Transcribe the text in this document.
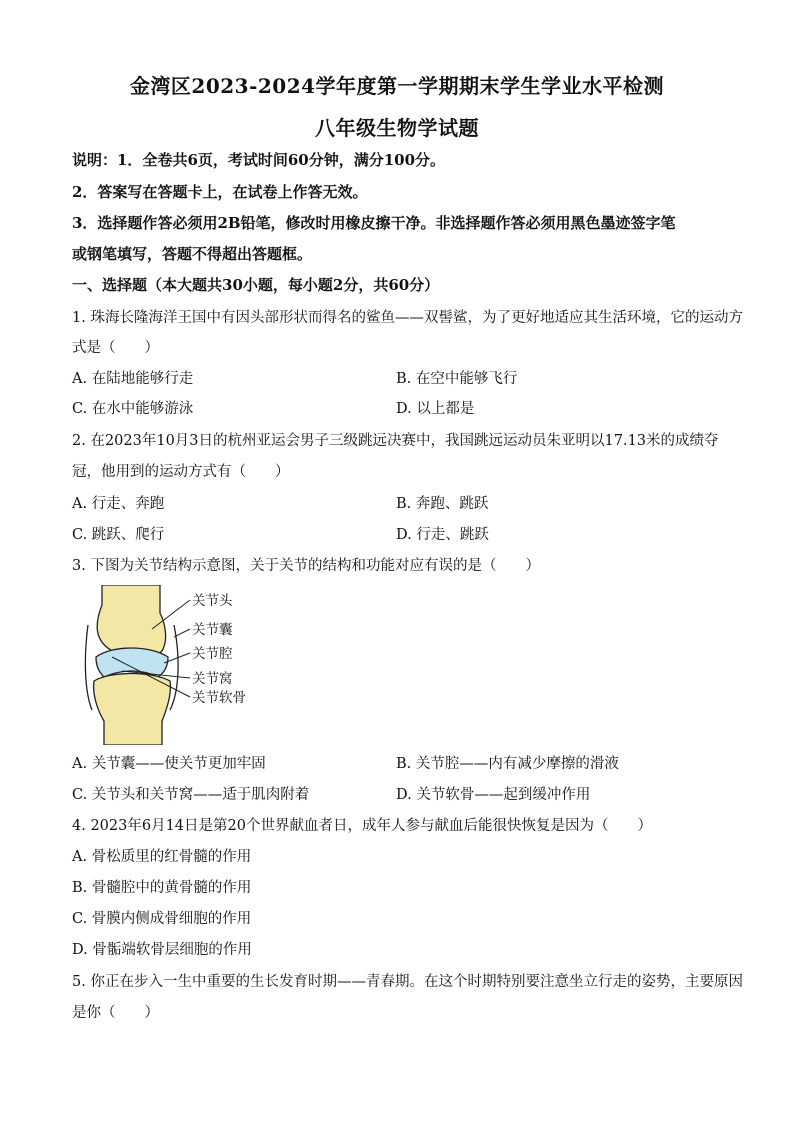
金湾区2023-2024学年度第一学期期末学生学业水平检测
八年级生物学试题
说明：1．全卷共6页，考试时间60分钟，满分100分。
2．答案写在答题卡上，在试卷上作答无效。
3．选择题作答必须用2B铅笔，修改时用橡皮擦干净。非选择题作答必须用黑色墨迹签字笔
或钢笔填写，答题不得超出答题框。
一、选择题（本大题共30小题，每小题2分，共60分）
1. 珠海长隆海洋王国中有因头部形状而得名的鲨鱼——双髻鲨，为了更好地适应其生活环境，它的运动方
式是（　　）
A. 在陆地能够行走	B. 在空中能够飞行
C. 在水中能够游泳	D. 以上都是
2. 在2023年10月3日的杭州亚运会男子三级跳远决赛中，我国跳远运动员朱亚明以17.13米的成绩夺
冠，他用到的运动方式有（　　）
A. 行走、奔跑	B. 奔跑、跳跃
C. 跳跃、爬行	D. 行走、跳跃
3. 下图为关节结构示意图，关于关节的结构和功能对应有误的是（　　）
关节头
关节囊
关节腔
关节窝
关节软骨
A. 关节囊——使关节更加牢固	B. 关节腔——内有减少摩擦的滑液
C. 关节头和关节窝——适于肌肉附着	D. 关节软骨——起到缓冲作用
4. 2023年6月14日是第20个世界献血者日，成年人参与献血后能很快恢复是因为（　　）
A. 骨松质里的红骨髓的作用
B. 骨髓腔中的黄骨髓的作用
C. 骨膜内侧成骨细胞的作用
D. 骨骺端软骨层细胞的作用
5. 你正在步入一生中重要的生长发育时期——青春期。在这个时期特别要注意坐立行走的姿势，主要原因
是你（　　）
